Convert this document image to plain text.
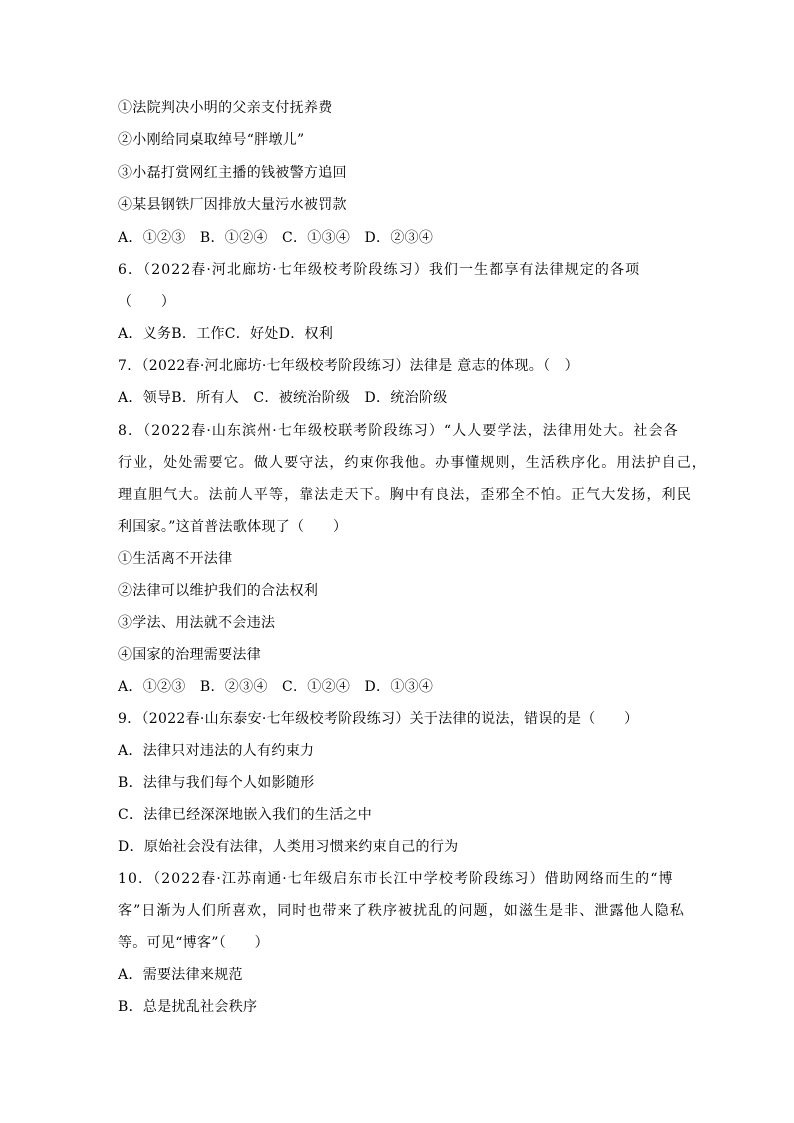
①法院判决小明的父亲支付抚养费
②小刚给同桌取绰号“胖墩儿”
③小磊打赏网红主播的钱被警方追回
④某县钢铁厂因排放大量污水被罚款
A．①②③　B．①②④　C．①③④　D．②③④
6．（2022春·河北廊坊·七年级校考阶段练习）我们一生都享有法律规定的各项
（　　）
A．义务B．工作C．好处D．权利
7．（2022春·河北廊坊·七年级校考阶段练习）法律是 意志的体现。（　）
A．领导B．所有人　C．被统治阶级　D．统治阶级
8．（2022春·山东滨州·七年级校联考阶段练习）“人人要学法，法律用处大。社会各
行业，处处需要它。做人要守法，约束你我他。办事懂规则，生活秩序化。用法护自己，
理直胆气大。法前人平等，靠法走天下。胸中有良法，歪邪全不怕。正气大发扬，利民
利国家。”这首普法歌体现了（　　）
①生活离不开法律
②法律可以维护我们的合法权利
③学法、用法就不会违法
④国家的治理需要法律
A．①②③　B．②③④　C．①②④　D．①③④
9．（2022春·山东泰安·七年级校考阶段练习）关于法律的说法，错误的是（　　）
A．法律只对违法的人有约束力
B．法律与我们每个人如影随形
C．法律已经深深地嵌入我们的生活之中
D．原始社会没有法律，人类用习惯来约束自己的行为
10．（2022春·江苏南通·七年级启东市长江中学校考阶段练习）借助网络而生的“博
客”日渐为人们所喜欢，同时也带来了秩序被扰乱的问题，如滋生是非、泄露他人隐私
等。可见“博客”（　　）
A．需要法律来规范
B．总是扰乱社会秩序
